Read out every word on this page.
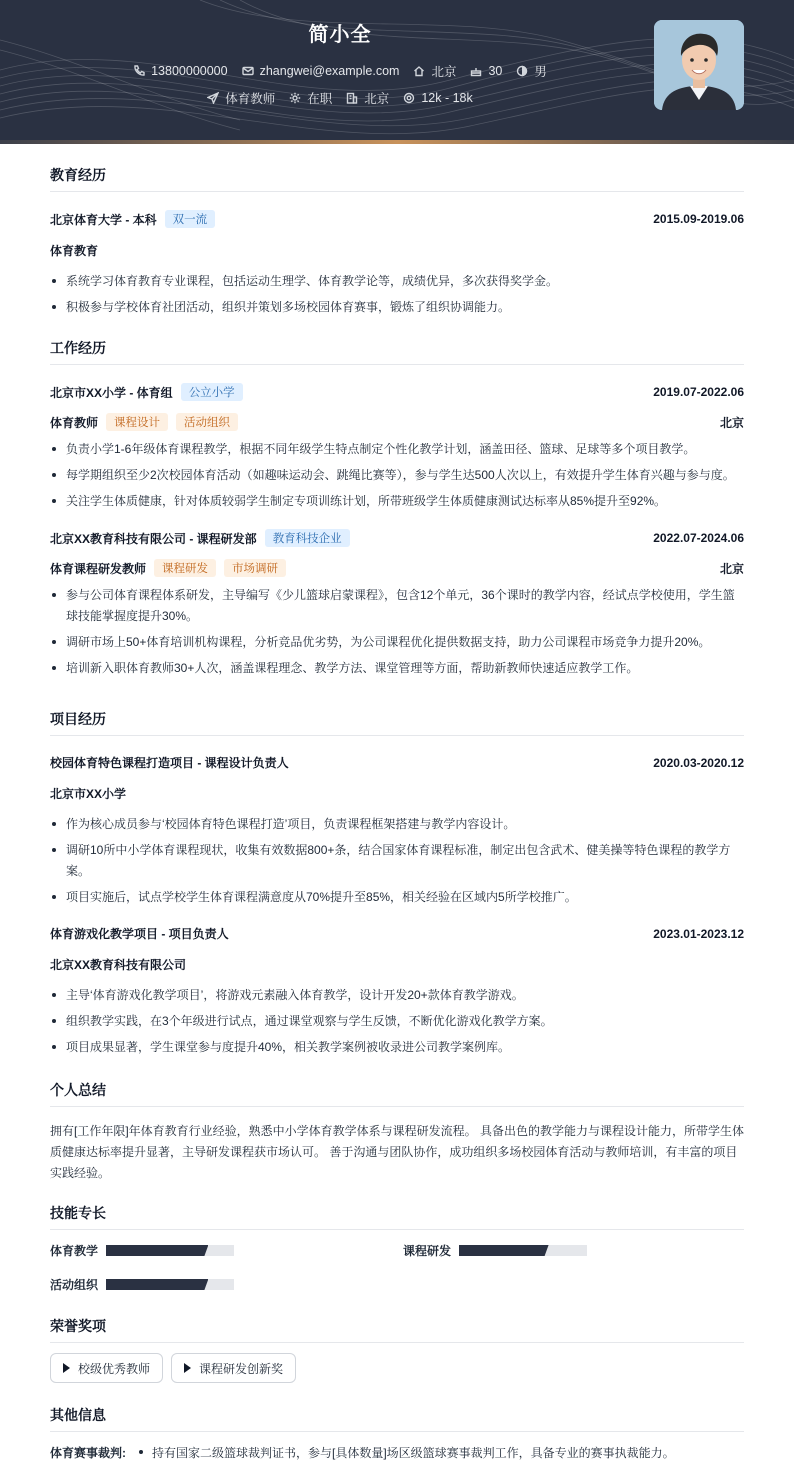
简小全
13800000000	zhangwei@example.com	北京	30	男
体育教师	在职	北京	12k - 18k
教育经历
北京体育大学 - 本科	双一流	2015.09-2019.06
体育教育
系统学习体育教育专业课程，包括运动生理学、体育教学论等，成绩优异，多次获得奖学金。
积极参与学校体育社团活动，组织并策划多场校园体育赛事，锻炼了组织协调能力。
工作经历
北京市XX小学 - 体育组	公立小学	2019.07-2022.06
体育教师	课程设计	活动组织	北京
负责小学1-6年级体育课程教学，根据不同年级学生特点制定个性化教学计划，涵盖田径、篮球、足球等多个项目教学。
每学期组织至少2次校园体育活动（如趣味运动会、跳绳比赛等），参与学生达500人次以上，有效提升学生体育兴趣与参与度。
关注学生体质健康，针对体质较弱学生制定专项训练计划，所带班级学生体质健康测试达标率从85%提升至92%。
北京XX教育科技有限公司 - 课程研发部	教育科技企业	2022.07-2024.06
体育课程研发教师	课程研发	市场调研	北京
参与公司体育课程体系研发，主导编写《少儿篮球启蒙课程》，包含12个单元，36个课时的教学内容，经试点学校使用，学生篮球技能掌握度提升30%。
调研市场上50+体育培训机构课程，分析竞品优劣势，为公司课程优化提供数据支持，助力公司课程市场竞争力提升20%。
培训新入职体育教师30+人次，涵盖课程理念、教学方法、课堂管理等方面，帮助新教师快速适应教学工作。
项目经历
校园体育特色课程打造项目 - 课程设计负责人	2020.03-2020.12
北京市XX小学
作为核心成员参与‘校园体育特色课程打造’项目，负责课程框架搭建与教学内容设计。
调研10所中小学体育课程现状，收集有效数据800+条，结合国家体育课程标准，制定出包含武术、健美操等特色课程的教学方案。
项目实施后，试点学校学生体育课程满意度从70%提升至85%，相关经验在区域内5所学校推广。
体育游戏化教学项目 - 项目负责人	2023.01-2023.12
北京XX教育科技有限公司
主导‘体育游戏化教学项目’，将游戏元素融入体育教学，设计开发20+款体育教学游戏。
组织教学实践，在3个年级进行试点，通过课堂观察与学生反馈，不断优化游戏化教学方案。
项目成果显著，学生课堂参与度提升40%，相关教学案例被收录进公司教学案例库。
个人总结
拥有[工作年限]年体育教育行业经验，熟悉中小学体育教学体系与课程研发流程。 具备出色的教学能力与课程设计能力，所带学生体质健康达标率提升显著，主导研发课程获市场认可。 善于沟通与团队协作，成功组织多场校园体育活动与教师培训，有丰富的项目实践经验。
技能专长
体育教学	课程研发
活动组织
荣誉奖项
校级优秀教师	课程研发创新奖
其他信息
体育赛事裁判:	持有国家二级篮球裁判证书，参与[具体数量]场区级篮球赛事裁判工作，具备专业的赛事执裁能力。
